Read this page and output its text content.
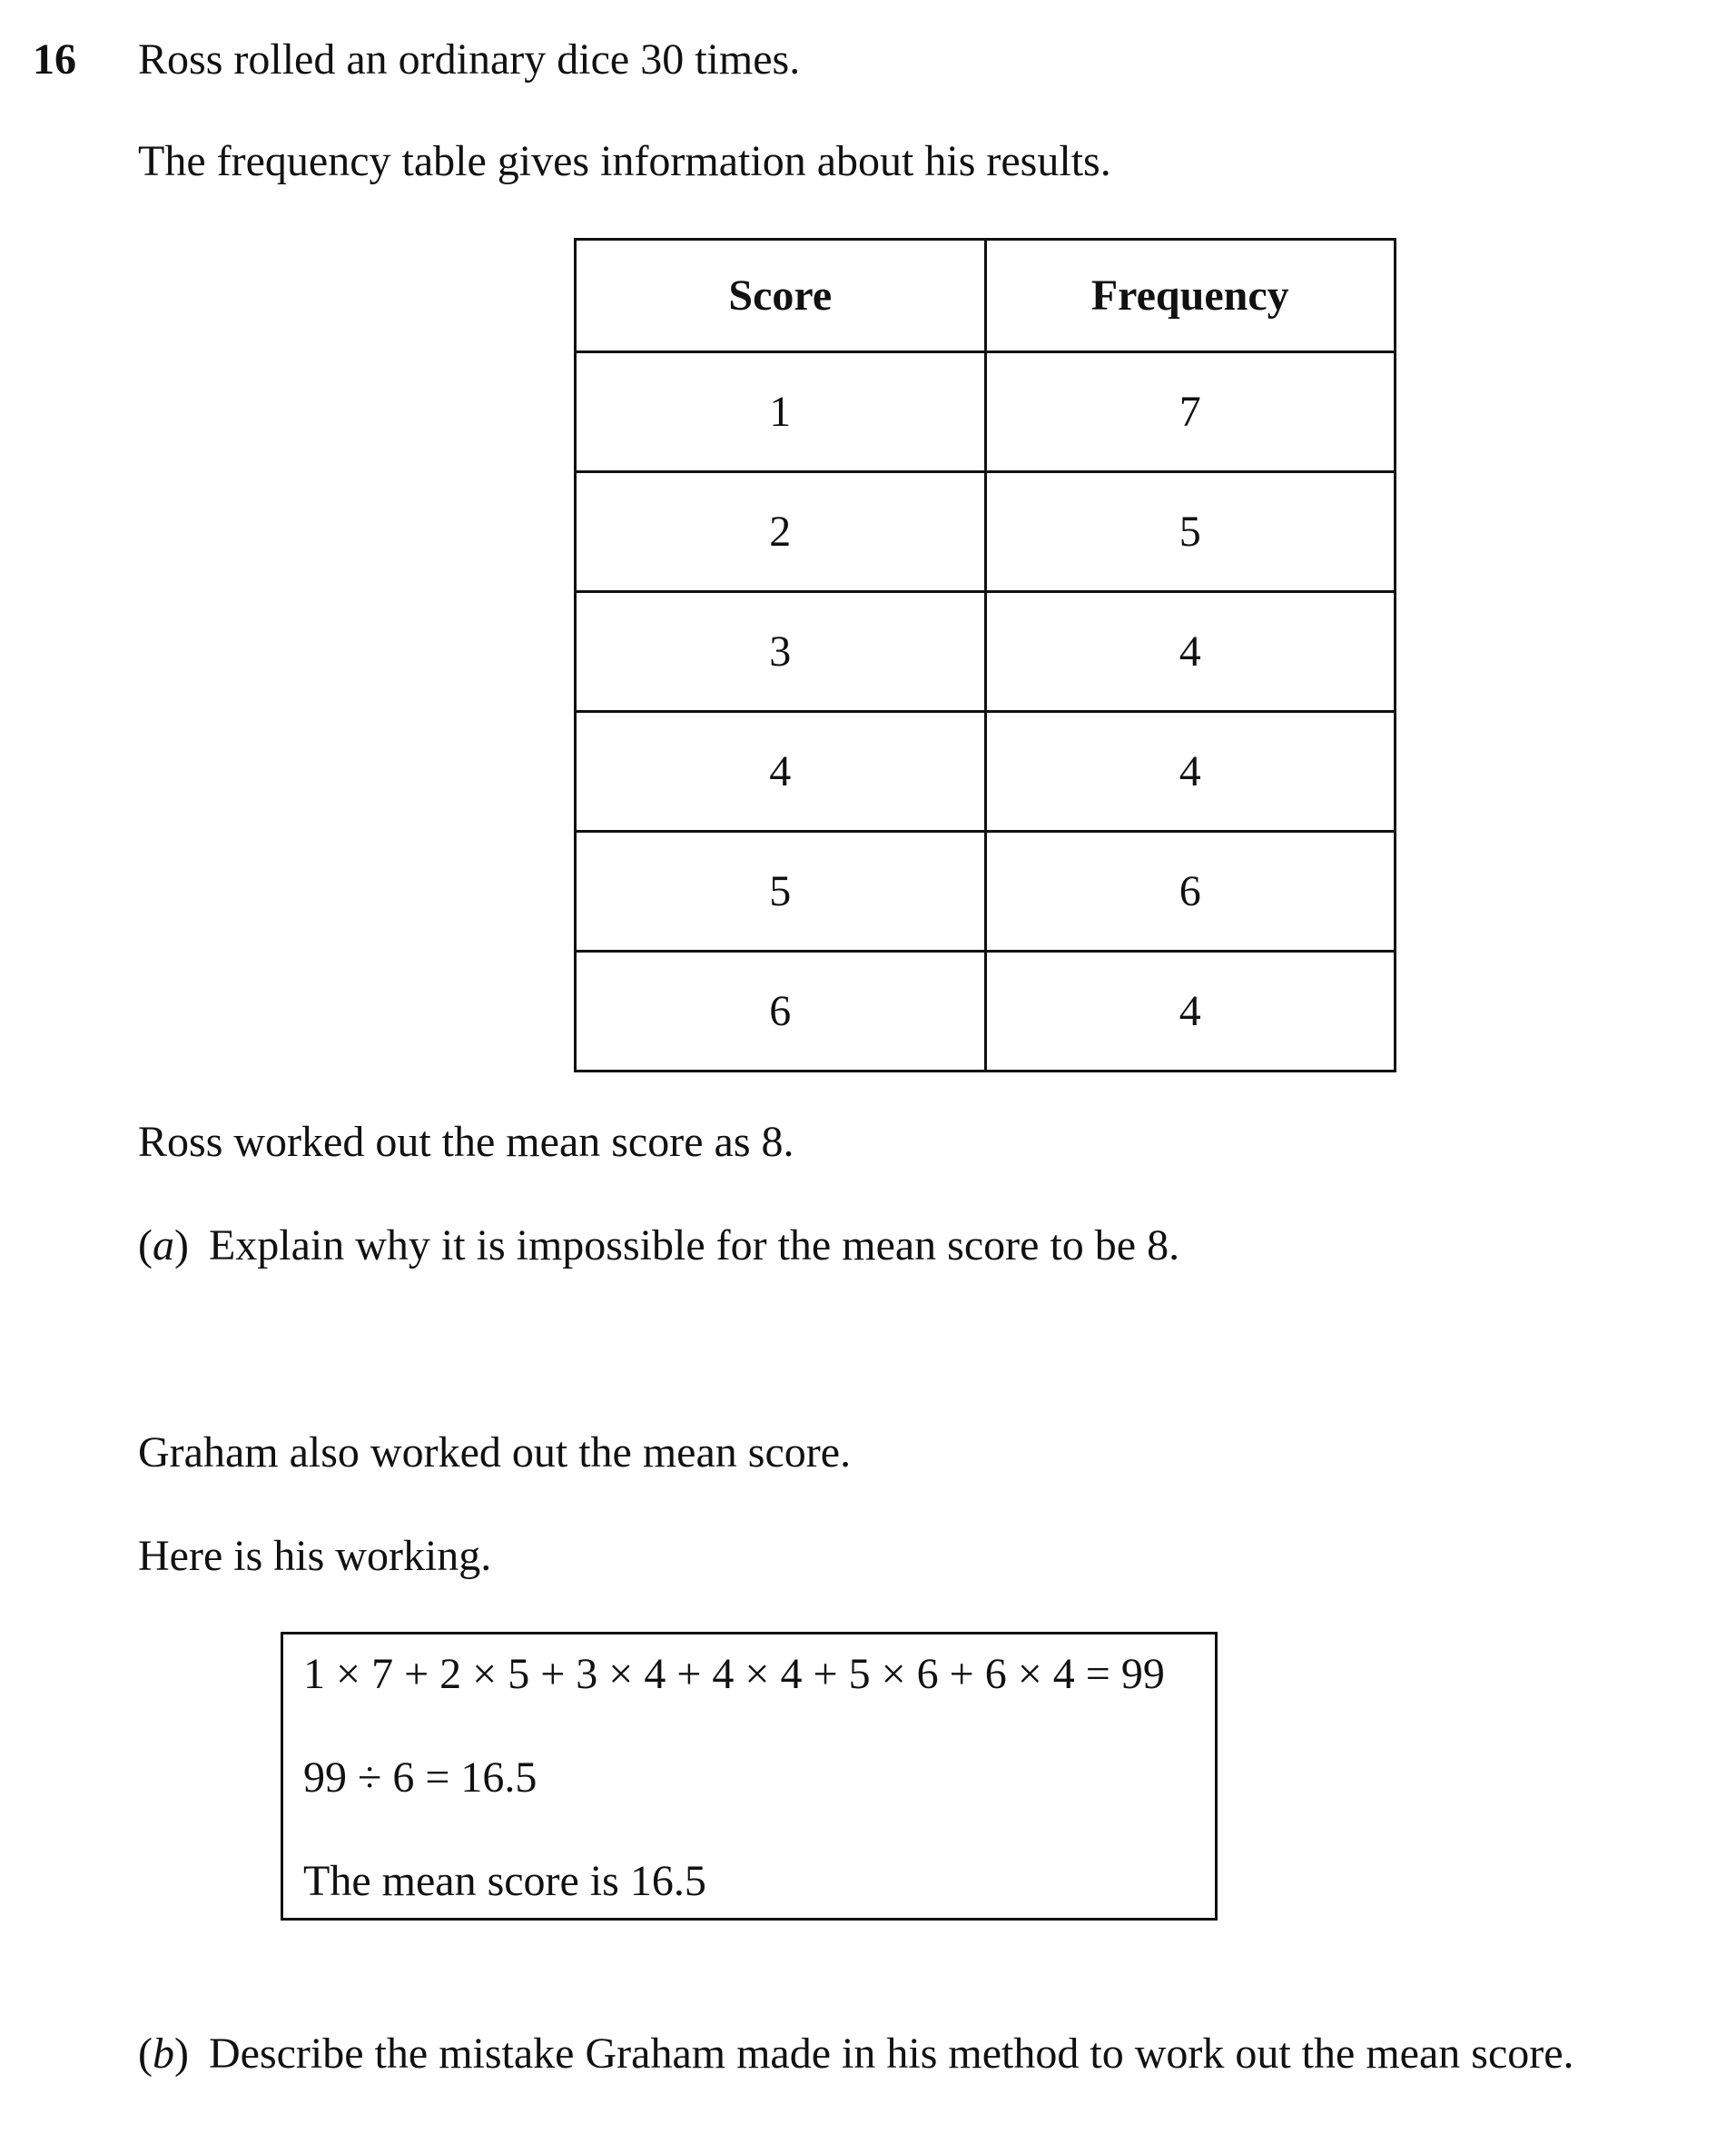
16 Ross rolled an ordinary dice 30 times.
The frequency table gives information about his results.
Score	Frequency
1	7
2	5
3	4
4	4
5	6
6	4
Ross worked out the mean score as 8.
(a) Explain why it is impossible for the mean score to be 8.
Graham also worked out the mean score.
Here is his working.
1 × 7 + 2 × 5 + 3 × 4 + 4 × 4 + 5 × 6 + 6 × 4 = 99
99 ÷ 6 = 16.5
The mean score is 16.5
(b) Describe the mistake Graham made in his method to work out the mean score.
